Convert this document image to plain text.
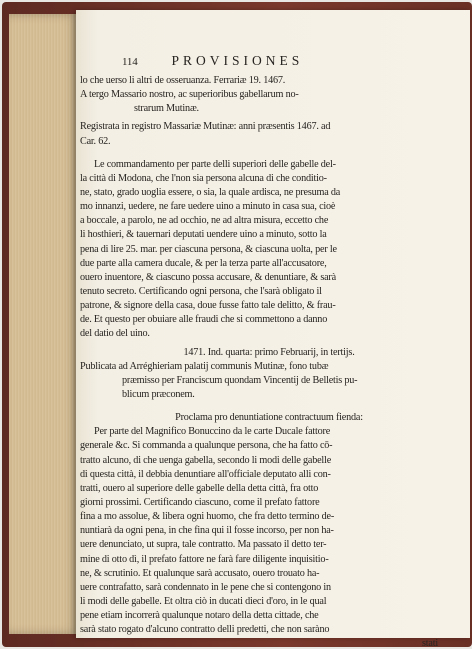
114	PROVISIONES
lo che uerso li altri de osseruanza. Ferrariæ 19. 1467.
A tergo Massario nostro, ac superioribus gabellarum no-
strarum Mutinæ.
Registrata in registro Massariæ Mutinæ: anni præsentis 1467. ad
Car. 62.
Le commandamento per parte delli superiori delle gabelle del-
la città di Modona, che l'non sia persona alcuna di che conditio-
ne, stato, grado uoglia essere, o sia, la quale ardisca, ne presuma da
mo innanzi, uedere, ne fare uedere uino a minuto in casa sua, cioè
a boccale, a parolo, ne ad occhio, ne ad altra misura, eccetto che
li hosthieri, & tauernari deputati uendere uino a minuto, sotto la
pena di lire 25. mar. per ciascuna persona, & ciascuna uolta, per le
due parte alla camera ducale, & per la terza parte all'accusatore,
ouero inuentore, & ciascuno possa accusare, & denuntiare, & sarà
tenuto secreto. Certificando ogni persona, che l'sarà obligato il
patrone, & signore della casa, doue fusse fatto tale delitto, & frau-
de. Et questo per obuiare alle fraudi che si commettono a danno
del datio del uino.
1471. Ind. quarta: primo Februarij, in tertijs.
Publicata ad Arréghieriam palatij communis Mutinæ, fono tubæ
præmisso per Franciscum quondam Vincentij de Belletis pu-
blicum præconem.
Proclama pro denuntiatione contractuum fienda:
Per parte del Magnifico Bonuccino da le carte Ducale fattore
generale &c. Si commanda a qualunque persona, che ha fatto cō-
tratto alcuno, di che uenga gabella, secondo li modi delle gabelle
di questa città, il debbia denuntiare all'officiale deputato alli con-
tratti, ouero al superiore delle gabelle della detta città, fra otto
giorni prossimi. Certificando ciascuno, come il prefato fattore
fina a mo assolue, & libera ogni huomo, che fra detto termino de-
nuntiarà da ogni pena, in che fina qui il fosse incorso, per non ha-
uere denunciato, ut supra, tale contratto. Ma passato il detto ter-
mine di otto dì, il prefato fattore ne farà fare diligente inquisitio-
ne, & scrutinio. Et qualunque sarà accusato, ouero trouato ha-
uere contrafatto, sarà condennato in le pene che si contengono in
li modi delle gabelle. Et oltra ciò in ducati dieci d'oro, in le qual
pene etiam incorrerà qualunque notaro della detta cittade, che
sarà stato rogato d'alcuno contratto delli predetti, che non saràno
stati
